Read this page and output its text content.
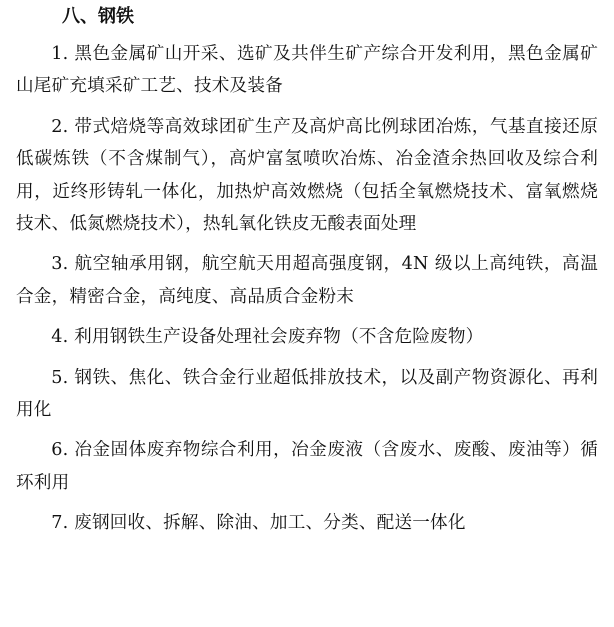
八、钢铁

1. 黑色金属矿山开采、选矿及共伴生矿产综合开发利用，黑色金属矿山尾矿充填采矿工艺、技术及装备

2. 带式焙烧等高效球团矿生产及高炉高比例球团冶炼，气基直接还原低碳炼铁（不含煤制气），高炉富氢喷吹冶炼、冶金渣余热回收及综合利用，近终形铸轧一体化，加热炉高效燃烧（包括全氧燃烧技术、富氧燃烧技术、低氮燃烧技术），热轧氧化铁皮无酸表面处理

3. 航空轴承用钢，航空航天用超高强度钢，4N 级以上高纯铁，高温合金，精密合金，高纯度、高品质合金粉末

4. 利用钢铁生产设备处理社会废弃物（不含危险废物）

5. 钢铁、焦化、铁合金行业超低排放技术，以及副产物资源化、再利用化

6. 冶金固体废弃物综合利用，冶金废液（含废水、废酸、废油等）循环利用

7. 废钢回收、拆解、除油、加工、分类、配送一体化
